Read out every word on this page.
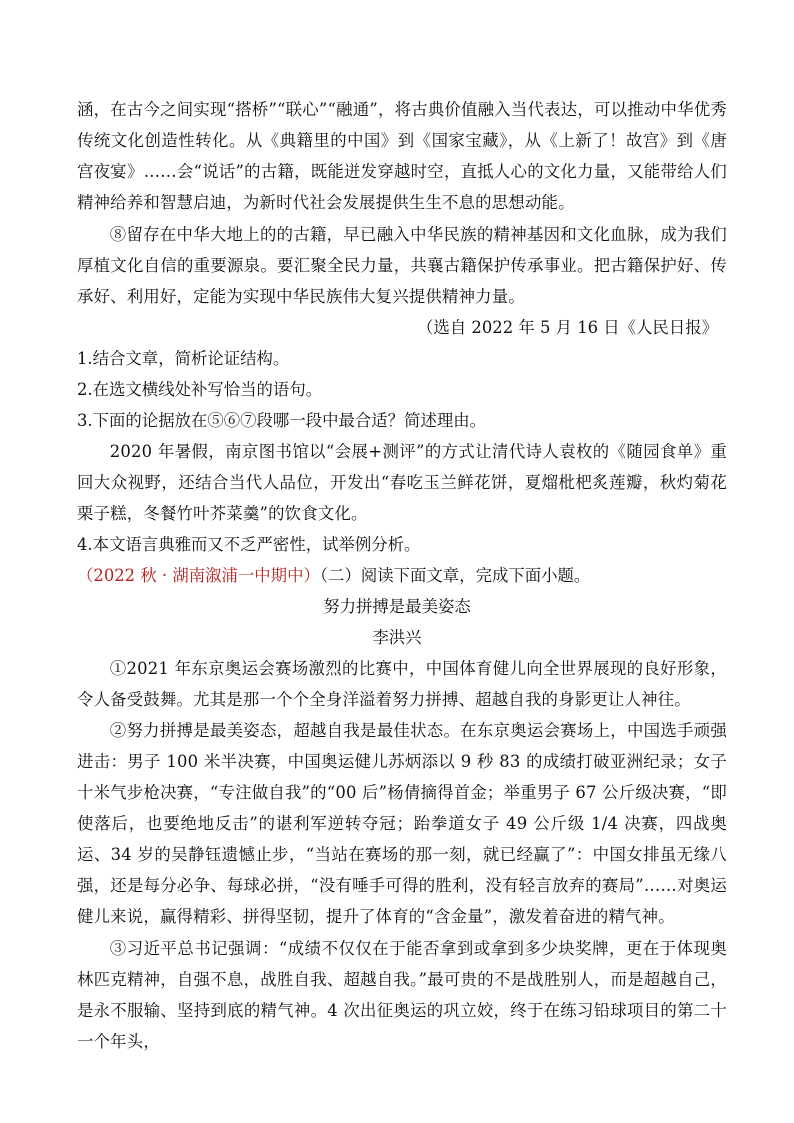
涵，在古今之间实现“搭桥”“联心”“融通”，将古典价值融入当代表达，可以推动中华优秀传统文化创造性转化。从《典籍里的中国》到《国家宝藏》，从《上新了！故宫》到《唐宫夜宴》……会“说话”的古籍，既能迸发穿越时空，直抵人心的文化力量，又能带给人们精神给养和智慧启迪，为新时代社会发展提供生生不息的思想动能。

⑧留存在中华大地上的的古籍，早已融入中华民族的精神基因和文化血脉，成为我们厚植文化自信的重要源泉。要汇聚全民力量，共襄古籍保护传承事业。把古籍保护好、传承好、利用好，定能为实现中华民族伟大复兴提供精神力量。

（选自 2022 年 5 月 16 日《人民日报》

1.结合文章，简析论证结构。

2.在选文横线处补写恰当的语句。

3.下面的论据放在⑤⑥⑦段哪一段中最合适？简述理由。

2020 年暑假，南京图书馆以“会展+测评”的方式让清代诗人袁枚的《随园食单》重回大众视野，还结合当代人品位，开发出“春吃玉兰鲜花饼，夏熘枇杷炙莲瓣，秋灼菊花栗子糕，冬餐竹叶芥菜羹”的饮食文化。

4.本文语言典雅而又不乏严密性，试举例分析。

（2022 秋 · 湖南溆浦一中期中）（二）阅读下面文章，完成下面小题。

努力拼搏是最美姿态

李洪兴

①2021 年东京奥运会赛场激烈的比赛中，中国体育健儿向全世界展现的良好形象，令人备受鼓舞。尤其是那一个个全身洋溢着努力拼搏、超越自我的身影更让人神往。

②努力拼搏是最美姿态，超越自我是最佳状态。在东京奥运会赛场上，中国选手顽强进击：男子 100 米半决赛，中国奥运健儿苏炳添以 9 秒 83 的成绩打破亚洲纪录；女子十米气步枪决赛，“专注做自我”的“00 后”杨倩摘得首金；举重男子 67 公斤级决赛，“即使落后，也要绝地反击”的谌利军逆转夺冠；跆拳道女子 49 公斤级 1/4 决赛，四战奥运、34 岁的吴静钰遗憾止步，“当站在赛场的那一刻，就已经赢了”：中国女排虽无缘八强，还是每分必争、每球必拼，“没有唾手可得的胜利，没有轻言放弃的赛局”……对奥运健儿来说，赢得精彩、拼得坚韧，提升了体育的“含金量”，激发着奋进的精气神。

③习近平总书记强调：“成绩不仅仅在于能否拿到或拿到多少块奖牌，更在于体现奥林匹克精神，自强不息，战胜自我、超越自我。”最可贵的不是战胜别人，而是超越自己，是永不服输、坚持到底的精气神。4 次出征奥运的巩立姣，终于在练习铅球项目的第二十一个年头，
